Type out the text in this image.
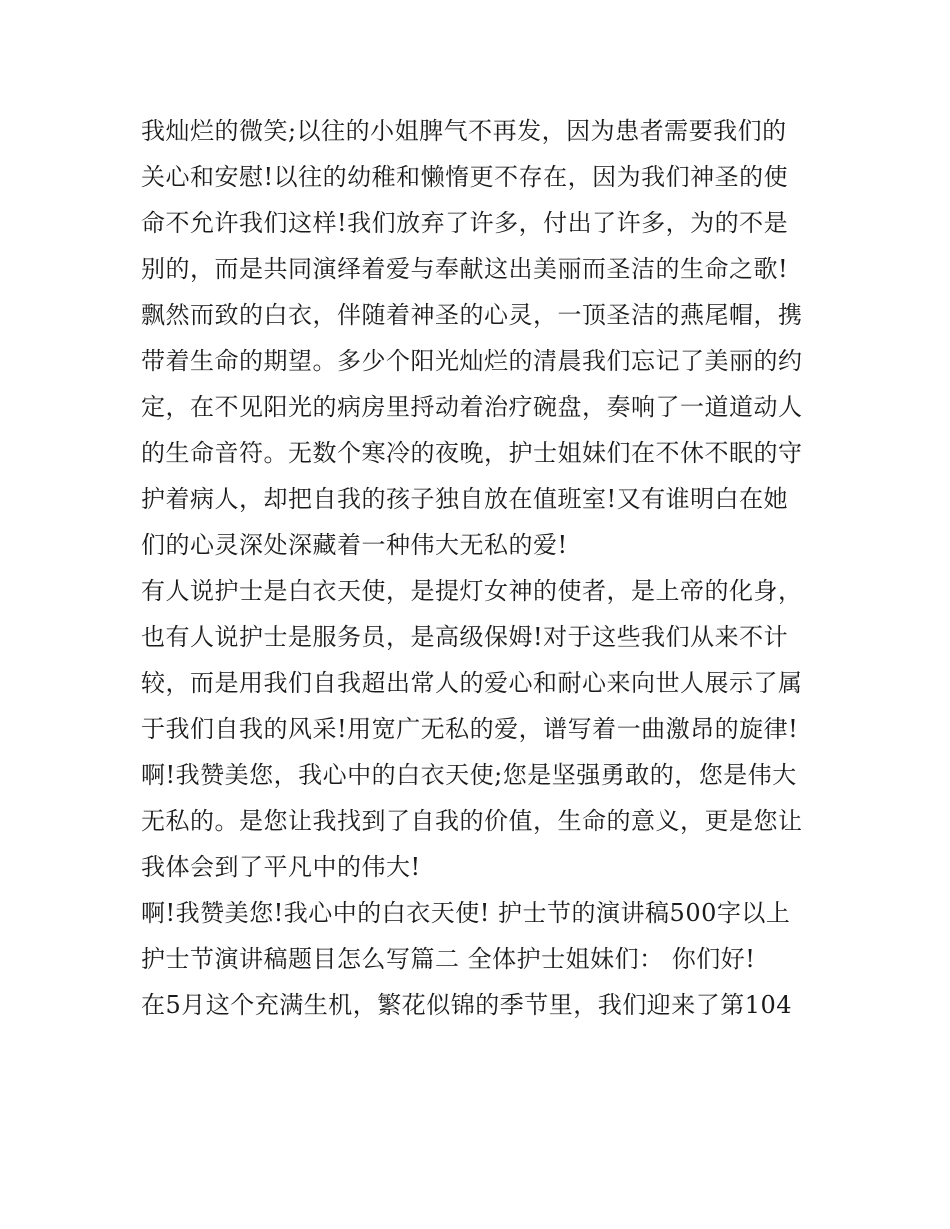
我灿烂的微笑;以往的小姐脾气不再发，因为患者需要我们的
关心和安慰!以往的幼稚和懒惰更不存在，因为我们神圣的使
命不允许我们这样!我们放弃了许多，付出了许多，为的不是
别的，而是共同演绎着爱与奉献这出美丽而圣洁的生命之歌!
飘然而致的白衣，伴随着神圣的心灵，一顶圣洁的燕尾帽，携
带着生命的期望。多少个阳光灿烂的清晨我们忘记了美丽的约
定，在不见阳光的病房里捋动着治疗碗盘，奏响了一道道动人
的生命音符。无数个寒冷的夜晚，护士姐妹们在不休不眠的守
护着病人，却把自我的孩子独自放在值班室!又有谁明白在她
们的心灵深处深藏着一种伟大无私的爱!
有人说护士是白衣天使，是提灯女神的使者，是上帝的化身，
也有人说护士是服务员，是高级保姆!对于这些我们从来不计
较，而是用我们自我超出常人的爱心和耐心来向世人展示了属
于我们自我的风采!用宽广无私的爱，谱写着一曲激昂的旋律!
啊!我赞美您，我心中的白衣天使;您是坚强勇敢的，您是伟大
无私的。是您让我找到了自我的价值，生命的意义，更是您让
我体会到了平凡中的伟大!
啊!我赞美您!我心中的白衣天使! 护士节的演讲稿500字以上
护士节演讲稿题目怎么写篇二 全体护士姐妹们： 你们好!
在5月这个充满生机，繁花似锦的季节里，我们迎来了第104
